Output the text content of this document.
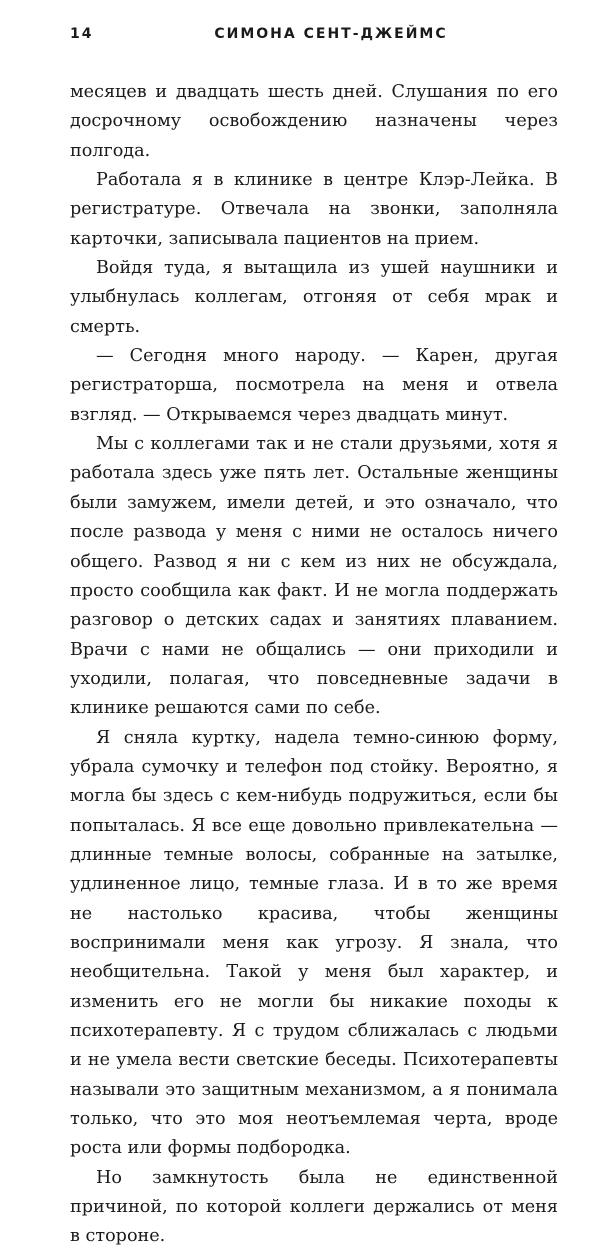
14	СИМОНА СЕНТ-ДЖЕЙМС

месяцев и двадцать шесть дней. Слушания по его досрочному освобождению назначены через полгода.

Работала я в клинике в центре Клэр-Лейка. В регистратуре. Отвечала на звонки, заполняла карточки, записывала пациентов на прием.

Войдя туда, я вытащила из ушей наушники и улыбнулась коллегам, отгоняя от себя мрак и смерть.

— Сегодня много народу. — Карен, другая регистраторша, посмотрела на меня и отвела взгляд. — Открываемся через двадцать минут.

Мы с коллегами так и не стали друзьями, хотя я работала здесь уже пять лет. Остальные женщины были замужем, имели детей, и это означало, что после развода у меня с ними не осталось ничего общего. Развод я ни с кем из них не обсуждала, просто сообщила как факт. И не могла поддержать разговор о детских садах и занятиях плаванием. Врачи с нами не общались — они приходили и уходили, полагая, что повседневные задачи в клинике решаются сами по себе.

Я сняла куртку, надела темно-синюю форму, убрала сумочку и телефон под стойку. Вероятно, я могла бы здесь с кем-нибудь подружиться, если бы попыталась. Я все еще довольно привлекательна — длинные темные волосы, собранные на затылке, удлиненное лицо, темные глаза. И в то же время не настолько красива, чтобы женщины воспринимали меня как угрозу. Я знала, что необщительна. Такой у меня был характер, и изменить его не могли бы никакие походы к психотерапевту. Я с трудом сближалась с людьми и не умела вести светские беседы. Психотерапевты называли это защитным механизмом, а я понимала только, что это моя неотъемлемая черта, вроде роста или формы подбородка.

Но замкнутость была не единственной причиной, по которой коллеги держались от меня в стороне.
